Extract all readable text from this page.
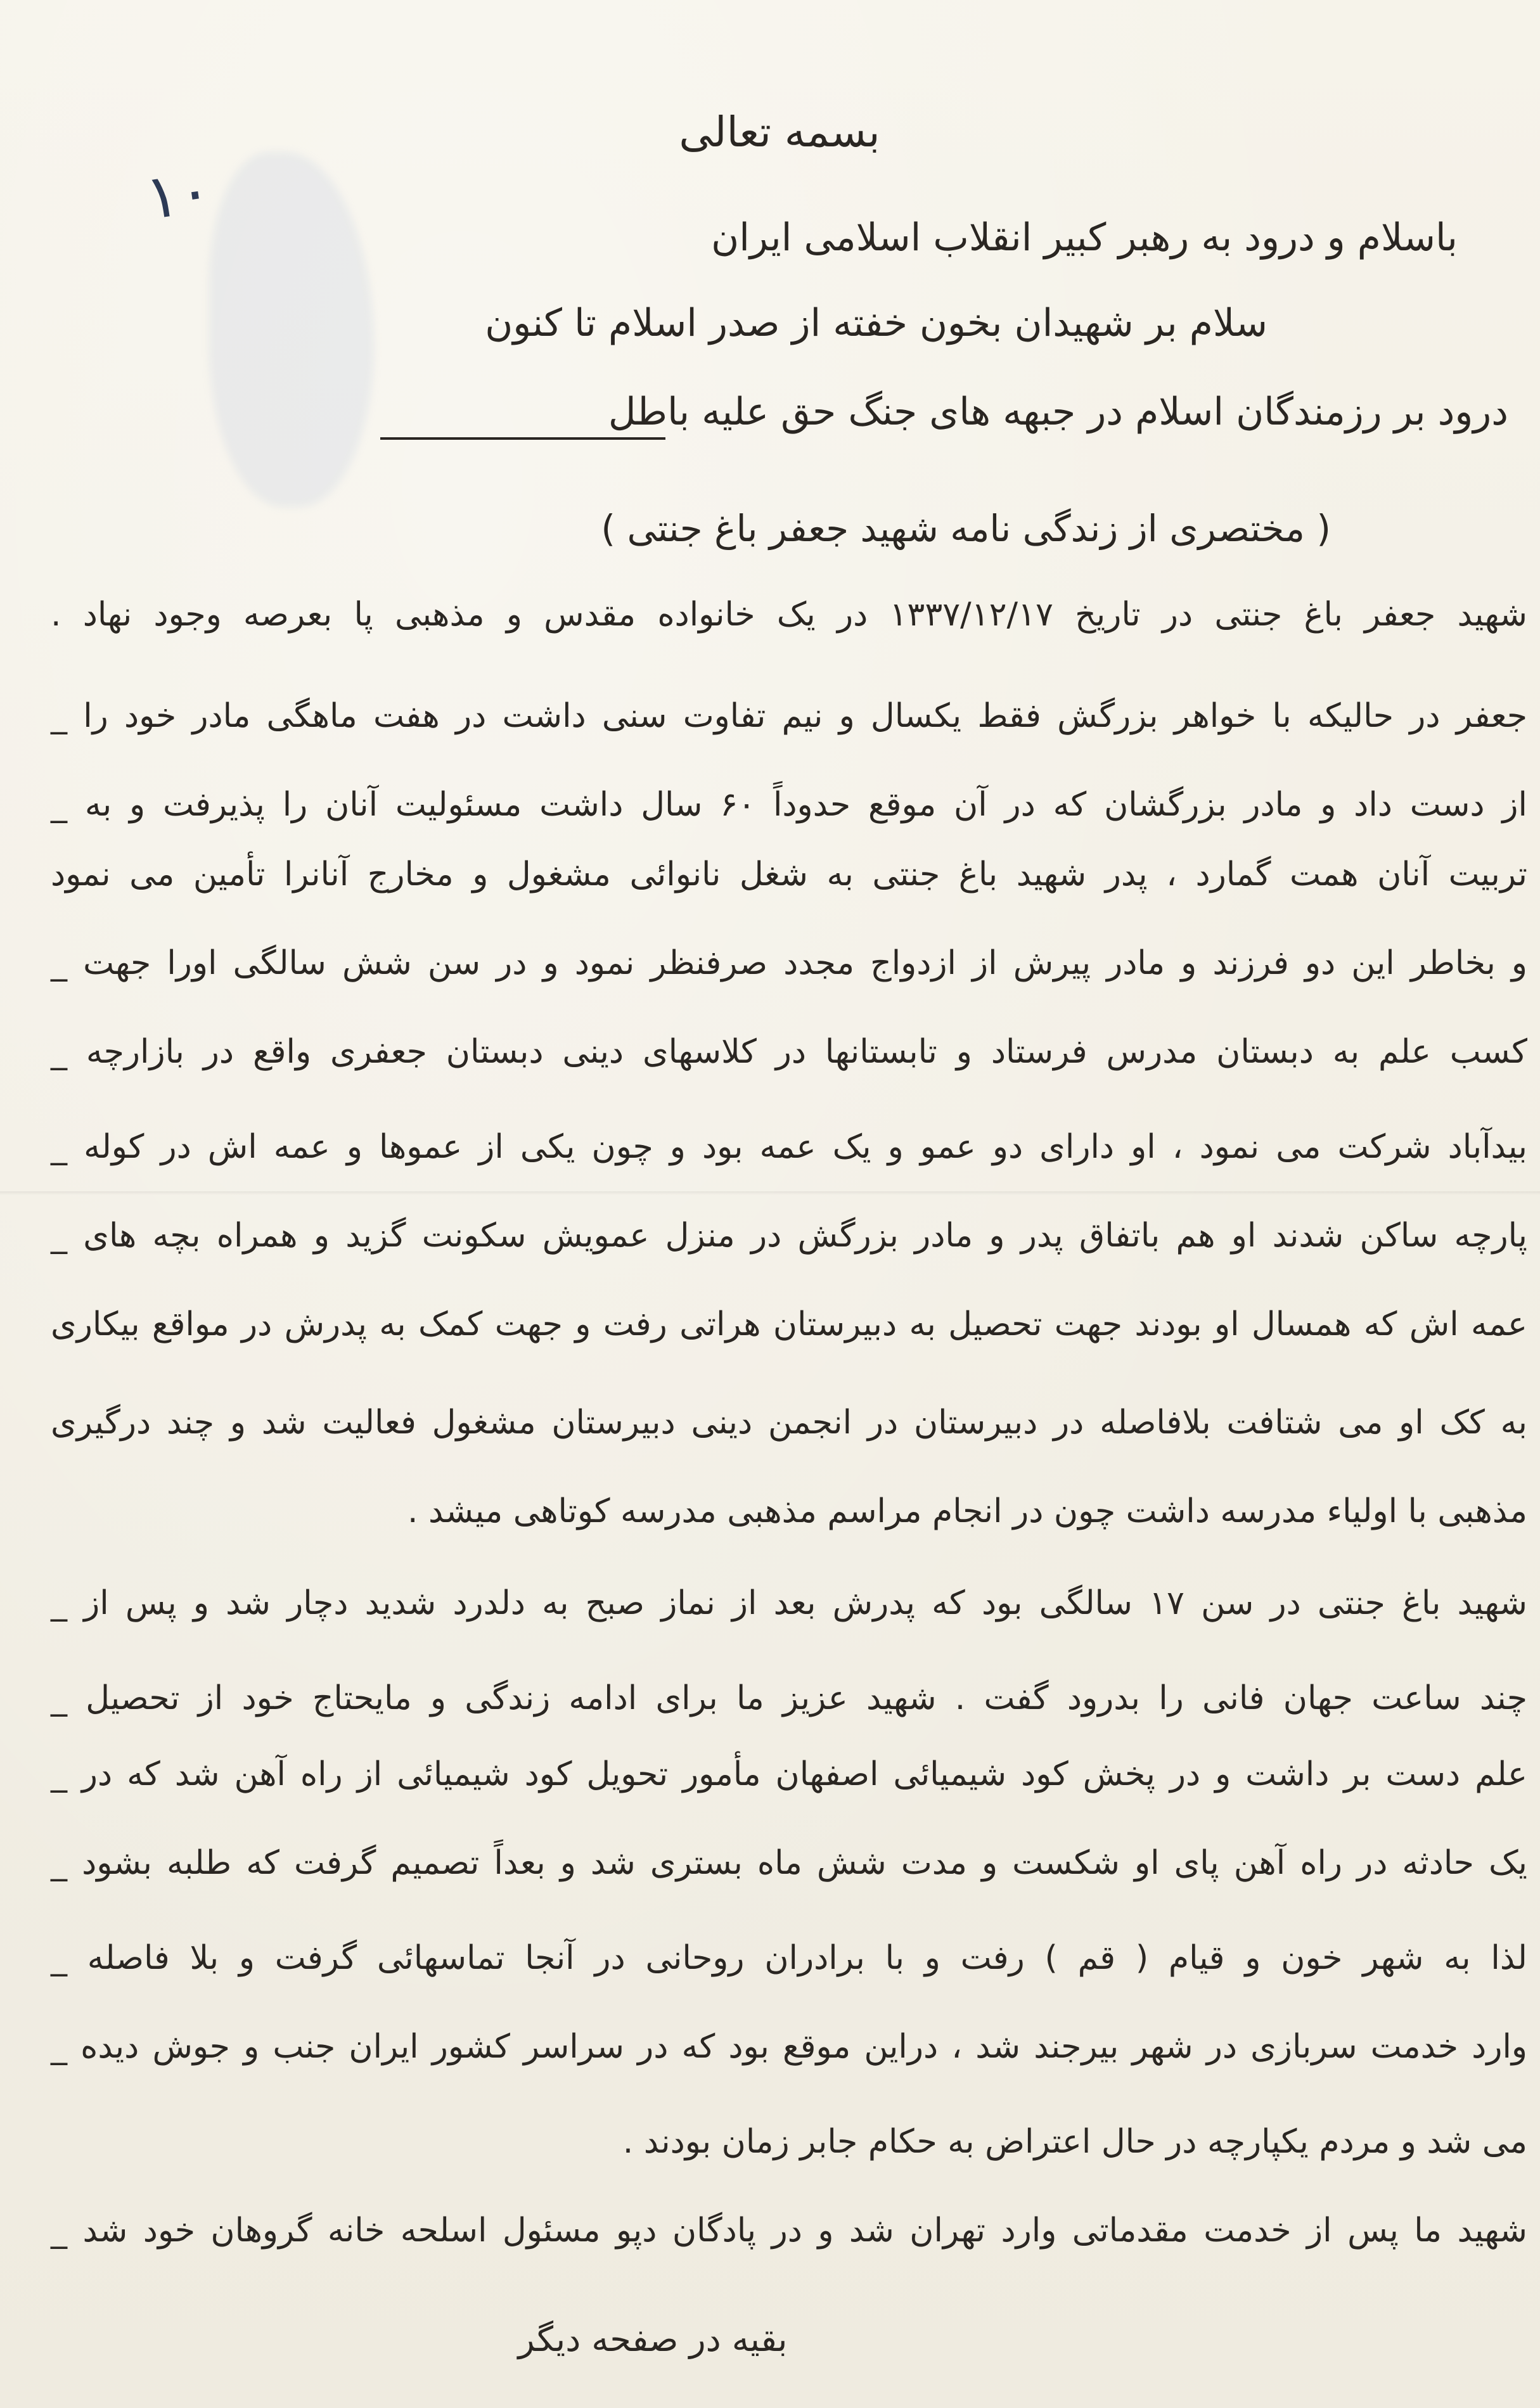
۱۰
بسمه تعالی
باسلام و درود به رهبر کبیر انقلاب اسلامی ایران
سلام بر شهیدان بخون خفته از صدر اسلام تا کنون
درود بر رزمندگان اسلام در جبهه های جنگ حق علیه باطل
( مختصری از زندگی نامه شهید جعفر باغ جنتی )
شهید جعفر باغ جنتی در تاریخ ۱۳۳۷/۱۲/۱۷ در یک خانواده مقدس و مذهبی پا بعرصه وجود نهاد .
جعفر در حالیکه با خواهر بزرگش فقط یکسال و نیم تفاوت سنی داشت در هفت ماهگی مادر خود را _
از دست داد و مادر بزرگشان که در آن موقع حدوداً ۶۰ سال داشت مسئولیت آنان را پذیرفت و به _
تربیت آنان همت گمارد ، پدر شهید باغ جنتی به شغل نانوائی مشغول و مخارج آنانرا تأمین می نمود
و بخاطر این دو فرزند و مادر پیرش از ازدواج مجدد صرفنظر نمود و در سن شش سالگی اورا جهت _
کسب علم به دبستان مدرس فرستاد و تابستانها در کلاسهای دینی دبستان جعفری واقع در بازارچه _
بیدآباد شرکت می نمود ، او دارای دو عمو و یک عمه بود و چون یکی از عموها و عمه اش در کوله _
پارچه ساکن شدند او هم باتفاق پدر و مادر بزرگش در منزل عمویش سکونت گزید و همراه بچه های _
عمه اش که همسال او بودند جهت تحصیل به دبیرستان هراتی رفت و جهت کمک به پدرش در مواقع بیکاری
به کک او می شتافت بلافاصله در دبیرستان در انجمن دینی دبیرستان مشغول فعالیت شد و چند درگیری
مذهبی با اولیاء مدرسه داشت چون در انجام مراسم مذهبی مدرسه کوتاهی میشد .
شهید باغ جنتی در سن ۱۷ سالگی بود که پدرش بعد از نماز صبح به دلدرد شدید دچار شد و پس از _
چند ساعت جهان فانی را بدرود گفت . شهید عزیز ما برای ادامه زندگی و مایحتاج خود از تحصیل _
علم دست بر داشت و در پخش کود شیمیائی اصفهان مأمور تحویل کود شیمیائی از راه آهن شد که در _
یک حادثه در راه آهن پای او شکست و مدت شش ماه بستری شد و بعداً تصمیم گرفت که طلبه بشود _
لذا به شهر خون و قیام ( قم ) رفت و با برادران روحانی در آنجا تماسهائی گرفت و بلا فاصله _
وارد خدمت سربازی در شهر بیرجند شد ، دراین موقع بود که در سراسر کشور ایران جنب و جوش دیده _
می شد و مردم یکپارچه در حال اعتراض به حکام جابر زمان بودند .
شهید ما پس از خدمت مقدماتی وارد تهران شد و در پادگان دپو مسئول اسلحه خانه گروهان خود شد _
بقیه در صفحه دیگر
